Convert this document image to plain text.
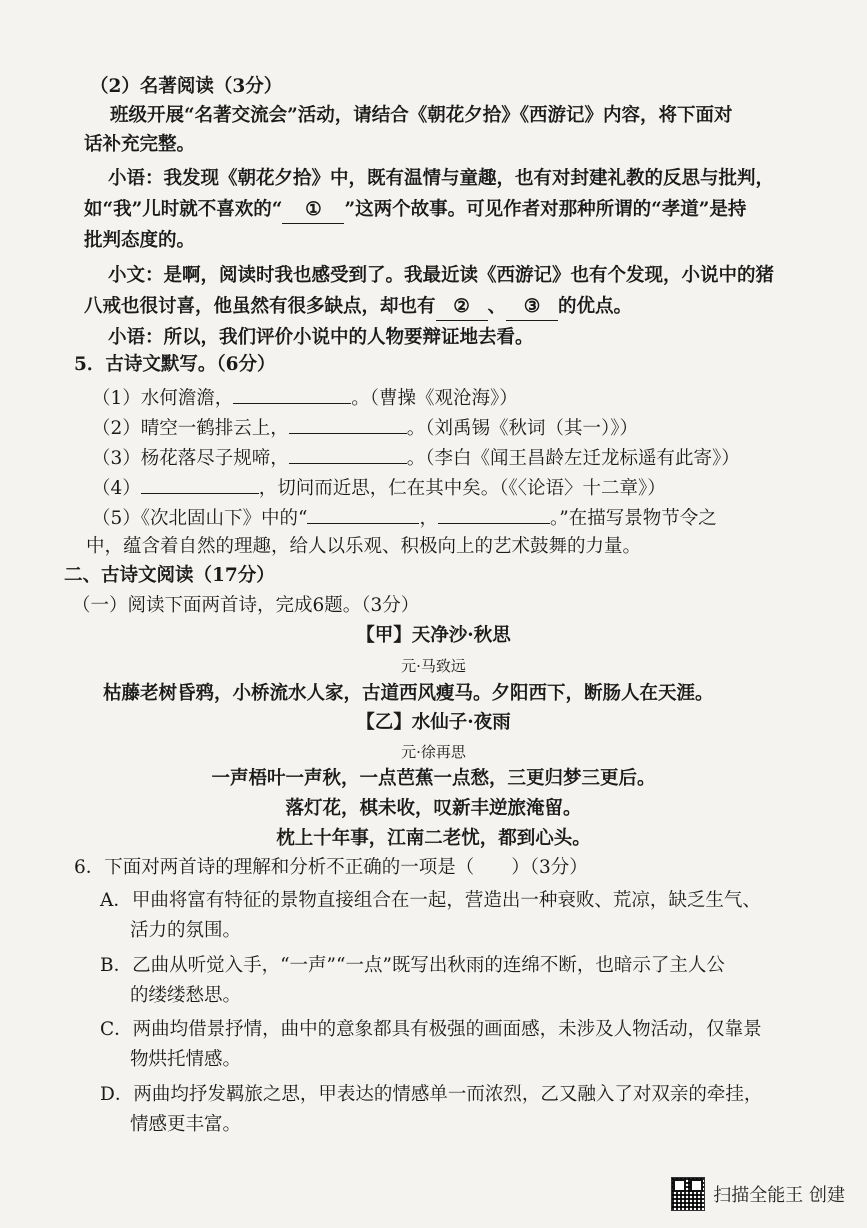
（2）名著阅读（3分）
班级开展“名著交流会”活动，请结合《朝花夕拾》《西游记》内容，将下面对
话补充完整。
小语：我发现《朝花夕拾》中，既有温情与童趣，也有对封建礼教的反思与批判，
如“我”儿时就不喜欢的“ ① ”这两个故事。可见作者对那种所谓的“孝道”是持
批判态度的。
小文：是啊，阅读时我也感受到了。我最近读《西游记》也有个发现，小说中的猪
八戒也很讨喜，他虽然有很多缺点，却也有 ② 、 ③ 的优点。
小语：所以，我们评价小说中的人物要辩证地去看。
5．古诗文默写。（6分）
（1）水何澹澹，	。（曹操《观沧海》）
（2）晴空一鹤排云上，	。（刘禹锡《秋词（其一）》）
（3）杨花落尽子规啼，	。（李白《闻王昌龄左迁龙标遥有此寄》）
（4）	，切问而近思，仁在其中矣。（《〈论语〉十二章》）
（5）《次北固山下》中的“	，	。”在描写景物节令之
中，蕴含着自然的理趣，给人以乐观、积极向上的艺术鼓舞的力量。
二、古诗文阅读（17分）
（一）阅读下面两首诗，完成6题。（3分）
【甲】天净沙·秋思
元·马致远
枯藤老树昏鸦，小桥流水人家，古道西风瘦马。夕阳西下，断肠人在天涯。
【乙】水仙子·夜雨
元·徐再思
一声梧叶一声秋，一点芭蕉一点愁，三更归梦三更后。
落灯花，棋未收，叹新丰逆旅淹留。
枕上十年事，江南二老忧，都到心头。
6．下面对两首诗的理解和分析不正确的一项是（　　）（3分）
A．甲曲将富有特征的景物直接组合在一起，营造出一种衰败、荒凉，缺乏生气、
活力的氛围。
B．乙曲从听觉入手，“一声”“一点”既写出秋雨的连绵不断，也暗示了主人公
的缕缕愁思。
C．两曲均借景抒情，曲中的意象都具有极强的画面感，未涉及人物活动，仅靠景
物烘托情感。
D．两曲均抒发羁旅之思，甲表达的情感单一而浓烈，乙又融入了对双亲的牵挂，
情感更丰富。
扫描全能王 创建
